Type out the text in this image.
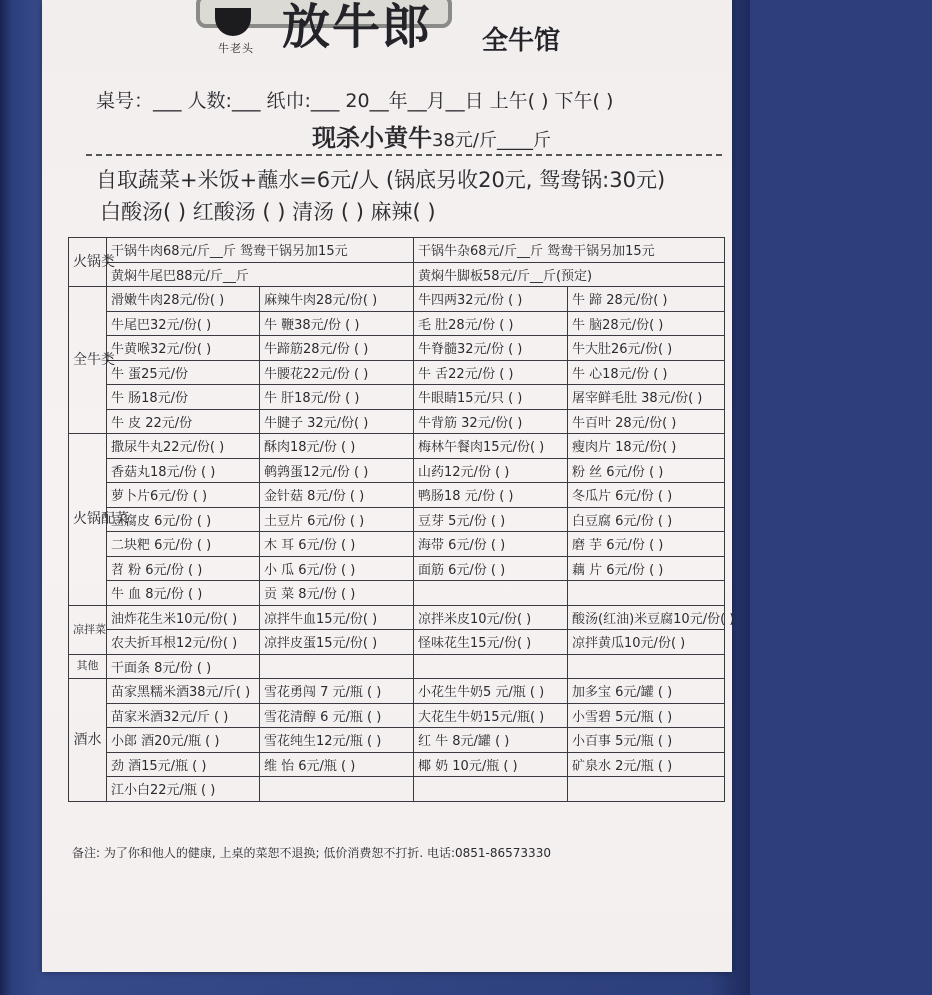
牛老头 放牛郎 全牛馆
桌号：___ 人数:___ 纸巾:___ 20__年__月__日 上午( ) 下午( )
现杀小黄牛38元/斤____斤
自取蔬菜+米饭+蘸水=6元/人 (锅底另收20元, 鸳鸯锅:30元)
白酸汤( ) 红酸汤 ( ) 清汤 ( ) 麻辣( )
火锅类	干锅牛肉68元/斤__斤 鸳鸯干锅另加15元		干锅牛杂68元/斤__斤 鸳鸯干锅另加15元	
	黄焖牛尾巴88元/斤__斤		黄焖牛脚板58元/斤__斤(预定)	
全牛类	滑嫩牛肉28元/份( )	麻辣牛肉28元/份( )	牛四两32元/份 ( )	牛 蹄 28元/份( )
	牛尾巴32元/份( )	牛 鞭38元/份 ( )	毛 肚28元/份 ( )	牛 脑28元/份( )
	牛黄喉32元/份( )	牛蹄筋28元/份 ( )	牛脊髓32元/份 ( )	牛大肚26元/份( )
	牛 蛋25元/份	牛腰花22元/份 ( )	牛 舌22元/份 ( )	牛 心18元/份 ( )
	牛 肠18元/份	牛 肝18元/份 ( )	牛眼睛15元/只 ( )	屠宰鲜毛肚 38元/份( )
	牛 皮 22元/份	牛腱子 32元/份( )	牛背筋 32元/份( )	牛百叶 28元/份( )
火锅配菜	撒尿牛丸22元/份( )	酥肉18元/份 ( )	梅林午餐肉15元/份( )	瘦肉片 18元/份( )
	香菇丸18元/份 ( )	鹌鹑蛋12元/份 ( )	山药12元/份 ( )	粉 丝 6元/份 ( )
	萝卜片6元/份 ( )	金针菇 8元/份 ( )	鸭肠18 元/份 ( )	冬瓜片 6元/份 ( )
	豆腐皮 6元/份 ( )	土豆片 6元/份 ( )	豆芽 5元/份 ( )	白豆腐 6元/份 ( )
	二块粑 6元/份 ( )	木 耳 6元/份 ( )	海带 6元/份 ( )	磨 芋 6元/份 ( )
	苕 粉 6元/份 ( )	小 瓜 6元/份 ( )	面筋 6元/份 ( )	藕 片 6元/份 ( )
	牛 血 8元/份 ( )	贡 菜 8元/份 ( )		
凉拌菜	油炸花生米10元/份( )	凉拌牛血15元/份( )	凉拌米皮10元/份( )	酸汤(红油)米豆腐10元/份( )
	农夫折耳根12元/份( )	凉拌皮蛋15元/份( )	怪味花生15元/份( )	凉拌黄瓜10元/份( )
其他	干面条 8元/份 ( )			
酒水	苗家黑糯米酒38元/斤( )	雪花勇闯 7 元/瓶 ( )	小花生牛奶5 元/瓶 ( )	加多宝 6元/罐 ( )
	苗家米酒32元/斤 ( )	雪花清醇 6 元/瓶 ( )	大花生牛奶15元/瓶( )	小雪碧 5元/瓶 ( )
	小郎 酒20元/瓶 ( )	雪花纯生12元/瓶 ( )	红 牛 8元/罐 ( )	小百事 5元/瓶 ( )
	劲 酒15元/瓶 ( )	维 怡 6元/瓶 ( )	椰 奶 10元/瓶 ( )	矿泉水 2元/瓶 ( )
	江小白22元/瓶 ( )			
备注: 为了你和他人的健康, 上桌的菜恕不退换; 低价消费恕不打折. 电话:0851-86573330
